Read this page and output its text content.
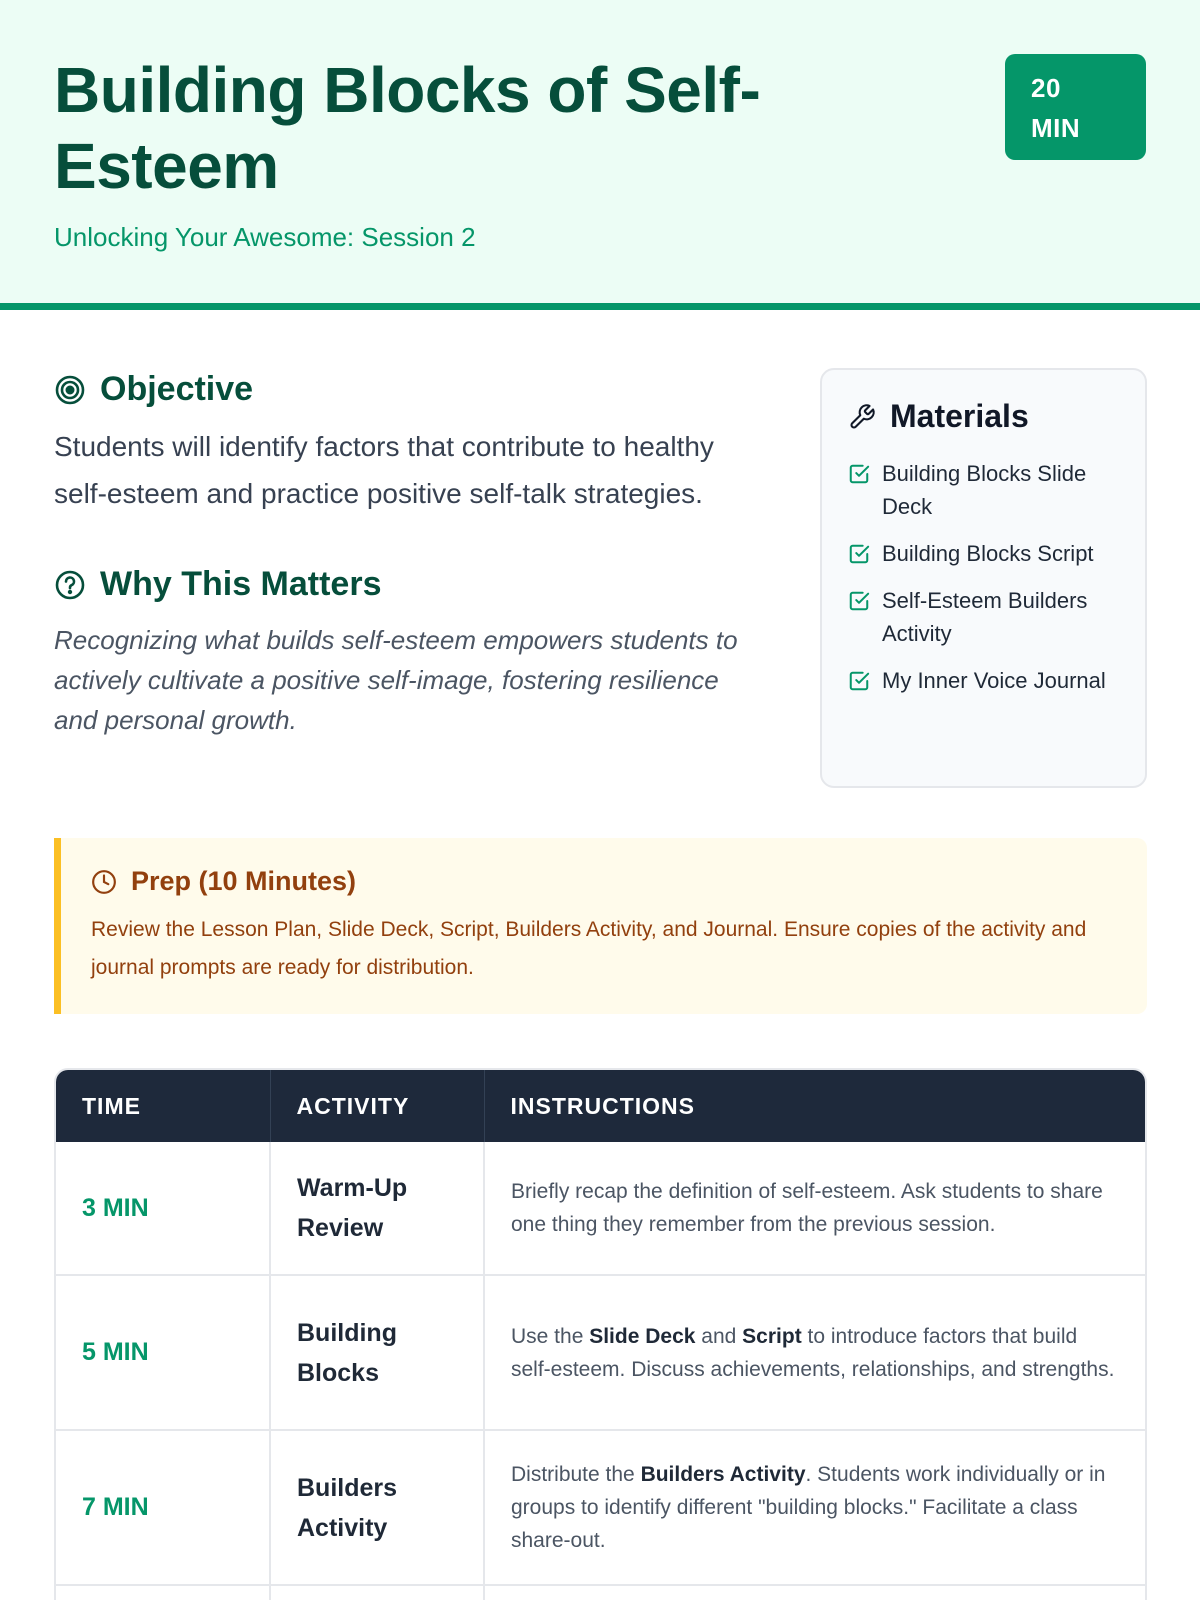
Building Blocks of Self-Esteem
Unlocking Your Awesome: Session 2
20
MIN
Objective

Students will identify factors that contribute to healthy self-esteem and practice positive self-talk strategies.

Why This Matters

Recognizing what builds self-esteem empowers students to actively cultivate a positive self-image, fostering resilience and personal growth.

Materials
Building Blocks Slide Deck
Building Blocks Script
Self-Esteem Builders Activity
My Inner Voice Journal
Prep (10 Minutes)

Review the Lesson Plan, Slide Deck, Script, Builders Activity, and Journal. Ensure copies of the activity and journal prompts are ready for distribution.

TIME	ACTIVITY	INSTRUCTIONS
3 MIN	Warm-Up Review	Briefly recap the definition of self-esteem. Ask students to share one thing they remember from the previous session.
5 MIN	Building Blocks	Use the Slide Deck and Script to introduce factors that build self-esteem. Discuss achievements, relationships, and strengths.
7 MIN	Builders Activity	Distribute the Builders Activity. Students work individually or in groups to identify different "building blocks." Facilitate a class share-out.
